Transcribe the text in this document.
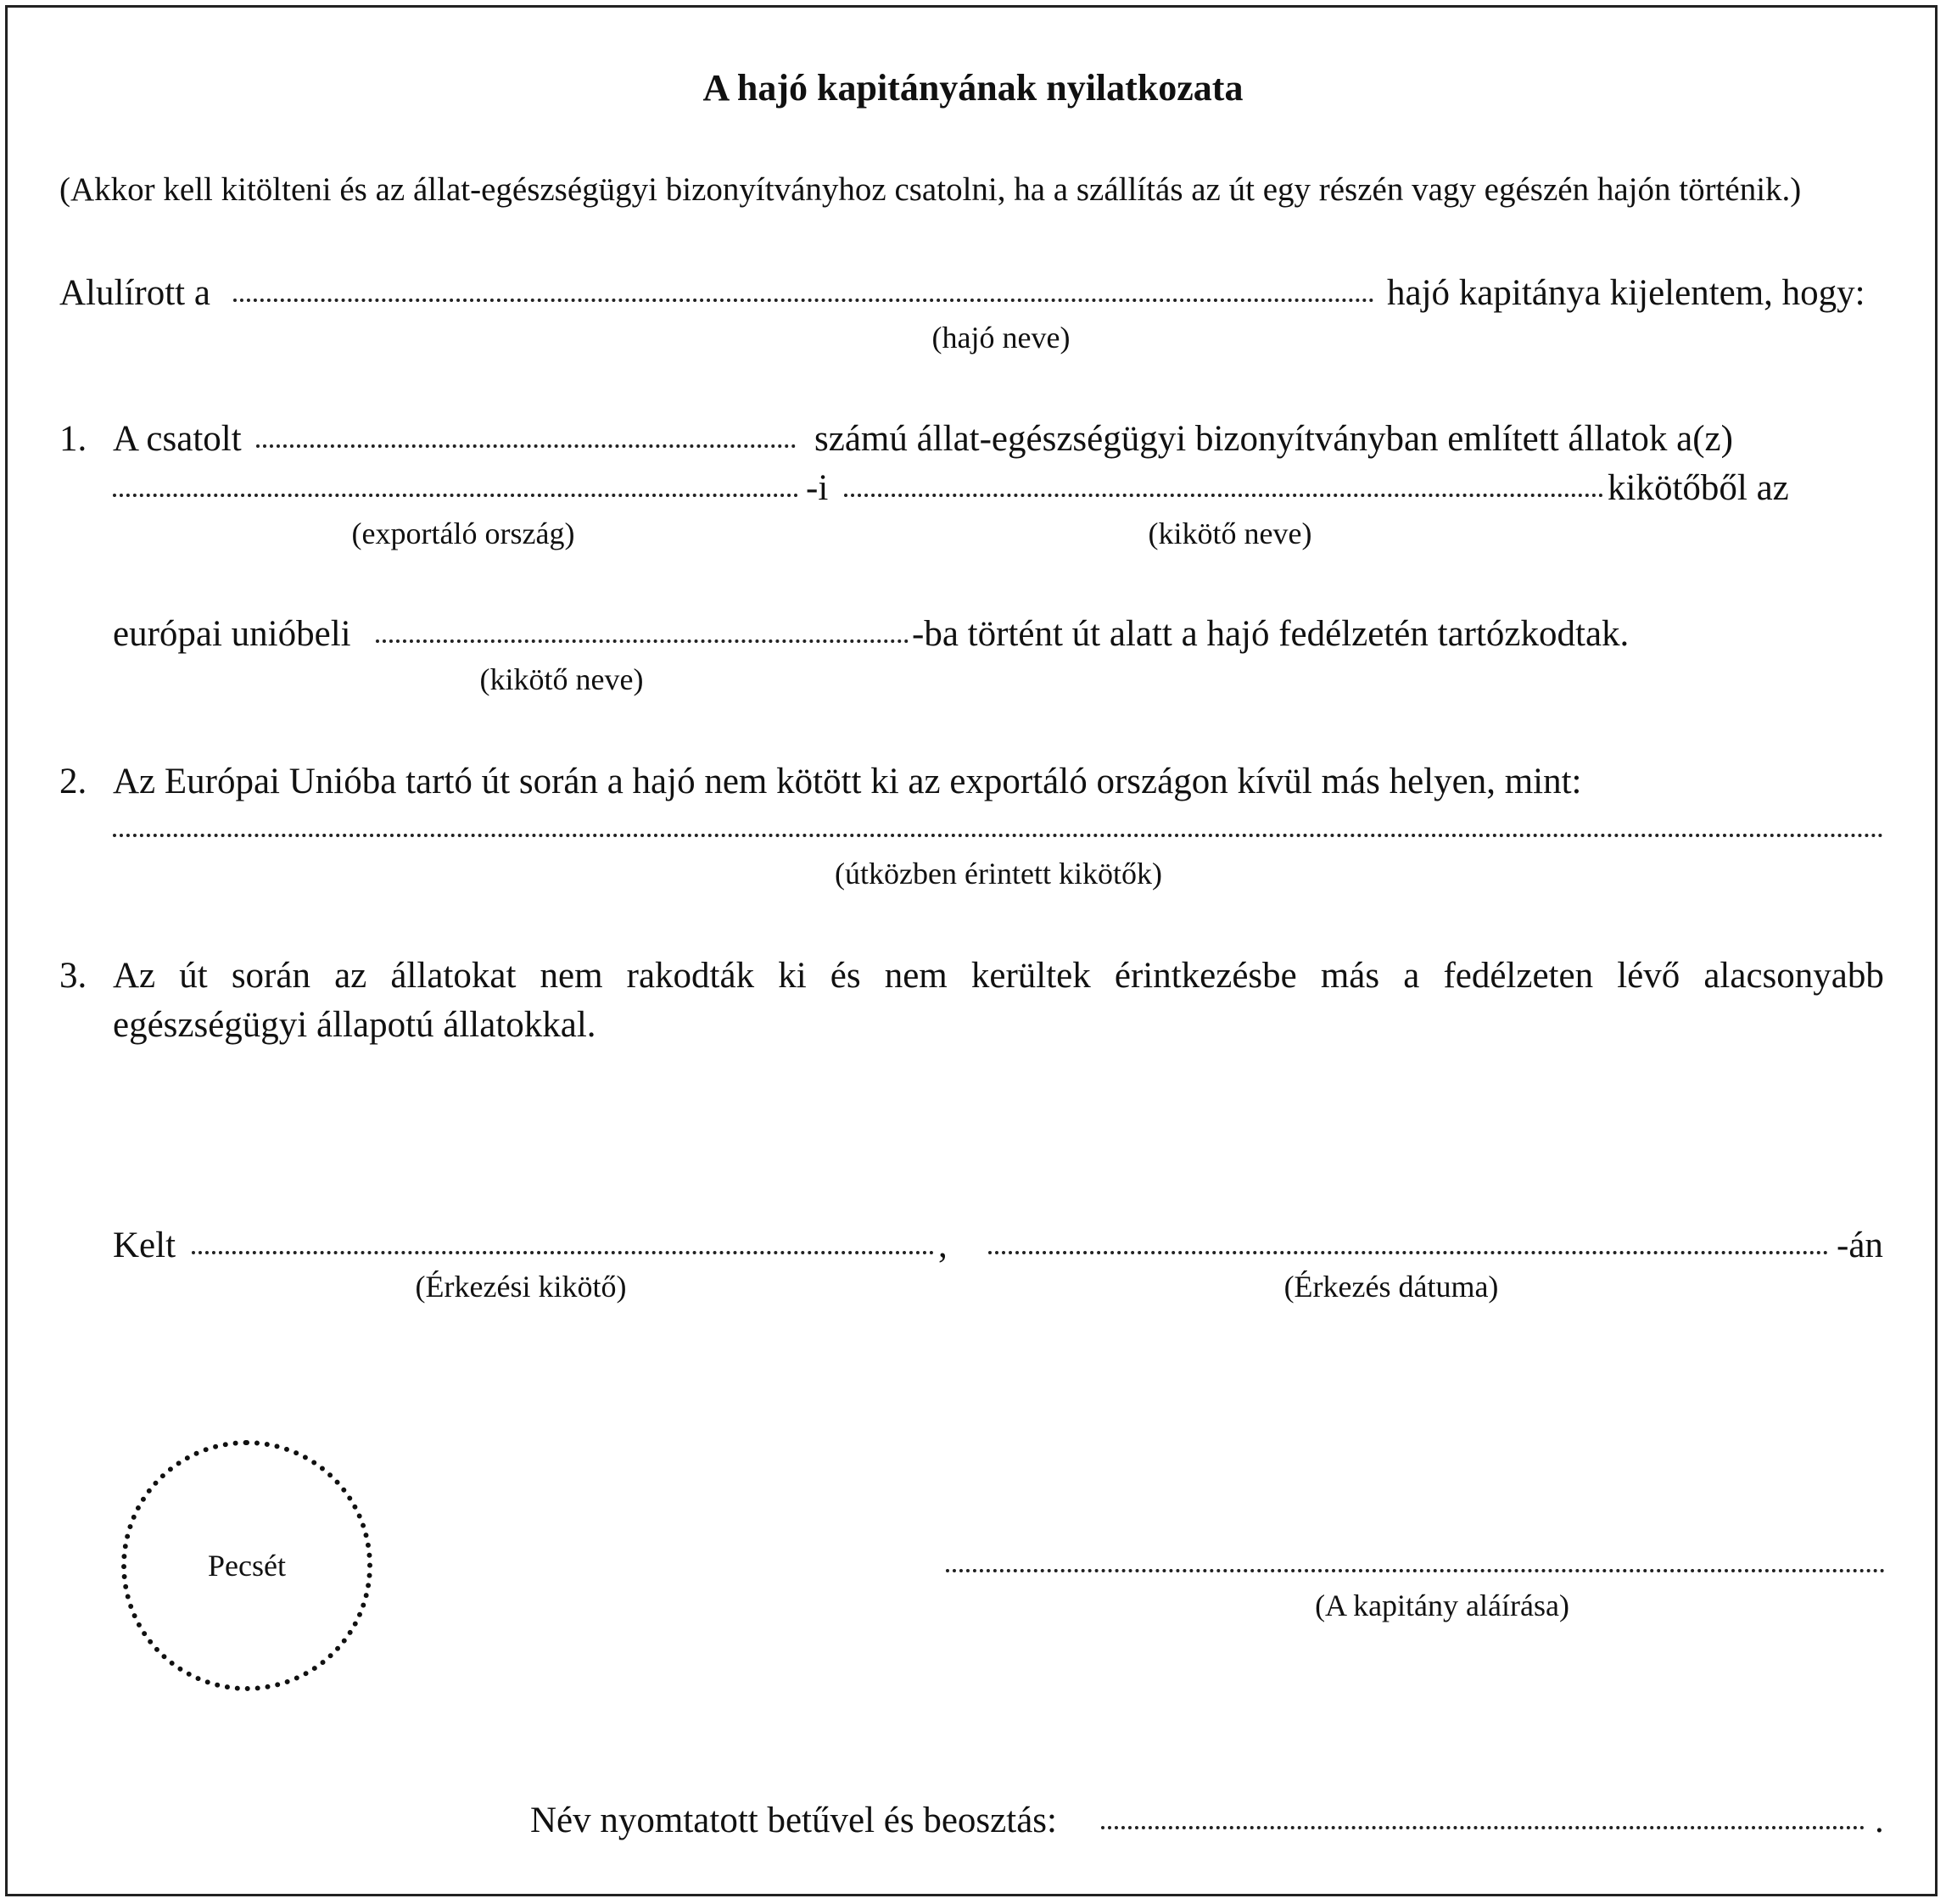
A hajó kapitányának nyilatkozata
(Akkor kell kitölteni és az állat-egészségügyi bizonyítványhoz csatolni, ha a szállítás az út egy részén vagy egészén hajón történik.)
Alulírott a	hajó kapitánya kijelentem, hogy:
(hajó neve)
1. A csatolt	számú állat-egészségügyi bizonyítványban említett állatok a(z)
-i	kikötőből az
(exportáló ország)	(kikötő neve)
európai unióbeli	-ba történt út alatt a hajó fedélzetén tartózkodtak.
(kikötő neve)
2. Az Európai Unióba tartó út során a hajó nem kötött ki az exportáló országon kívül más helyen, mint:
(útközben érintett kikötők)
3. Az út során az állatokat nem rakodták ki és nem kerültek érintkezésbe más a fedélzeten lévő alacsonyabb
egészségügyi állapotú állatokkal.
Kelt	,	-án
(Érkezési kikötő)	(Érkezés dátuma)
Pecsét
(A kapitány aláírása)
Név nyomtatott betűvel és beosztás:	.
